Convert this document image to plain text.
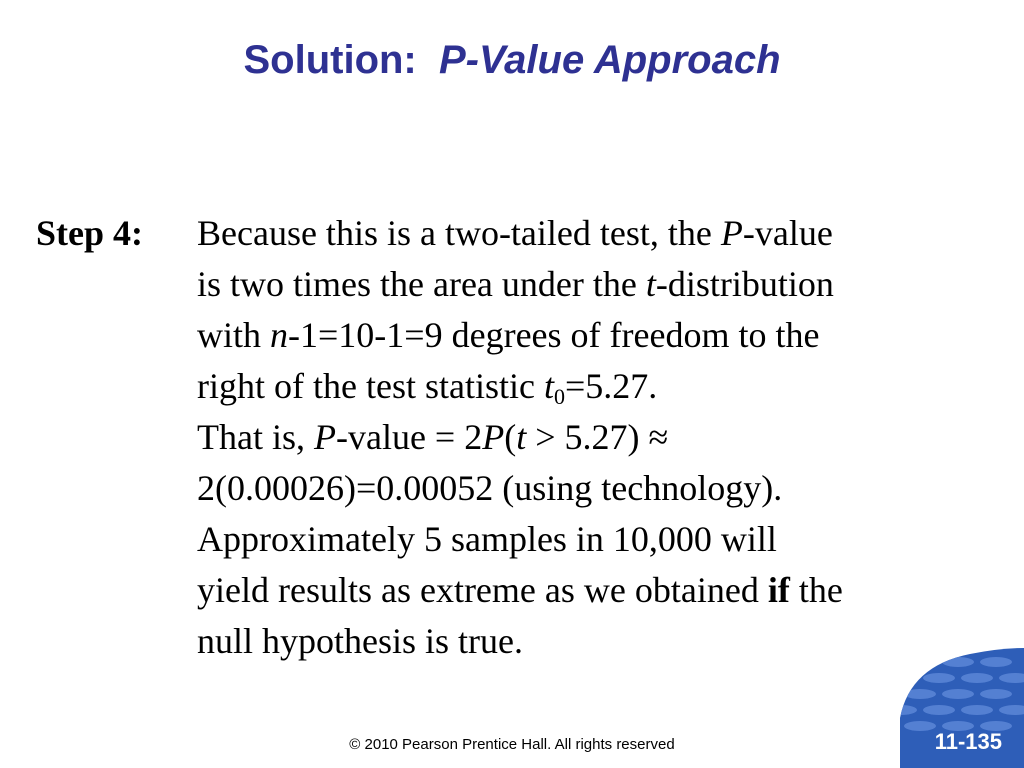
Solution: P-Value Approach
Step 4: Because this is a two-tailed test, the P-value
is two times the area under the t-distribution
with n-1=10-1=9 degrees of freedom to the
right of the test statistic $t_0=5.27$.
That is, P-value = 2P(t > 5.27) ≈
2(0.00026)=0.00052 (using technology).
Approximately 5 samples in 10,000 will
yield results as extreme as we obtained if the
null hypothesis is true.
© 2010 Pearson Prentice Hall. All rights reserved	11-135
